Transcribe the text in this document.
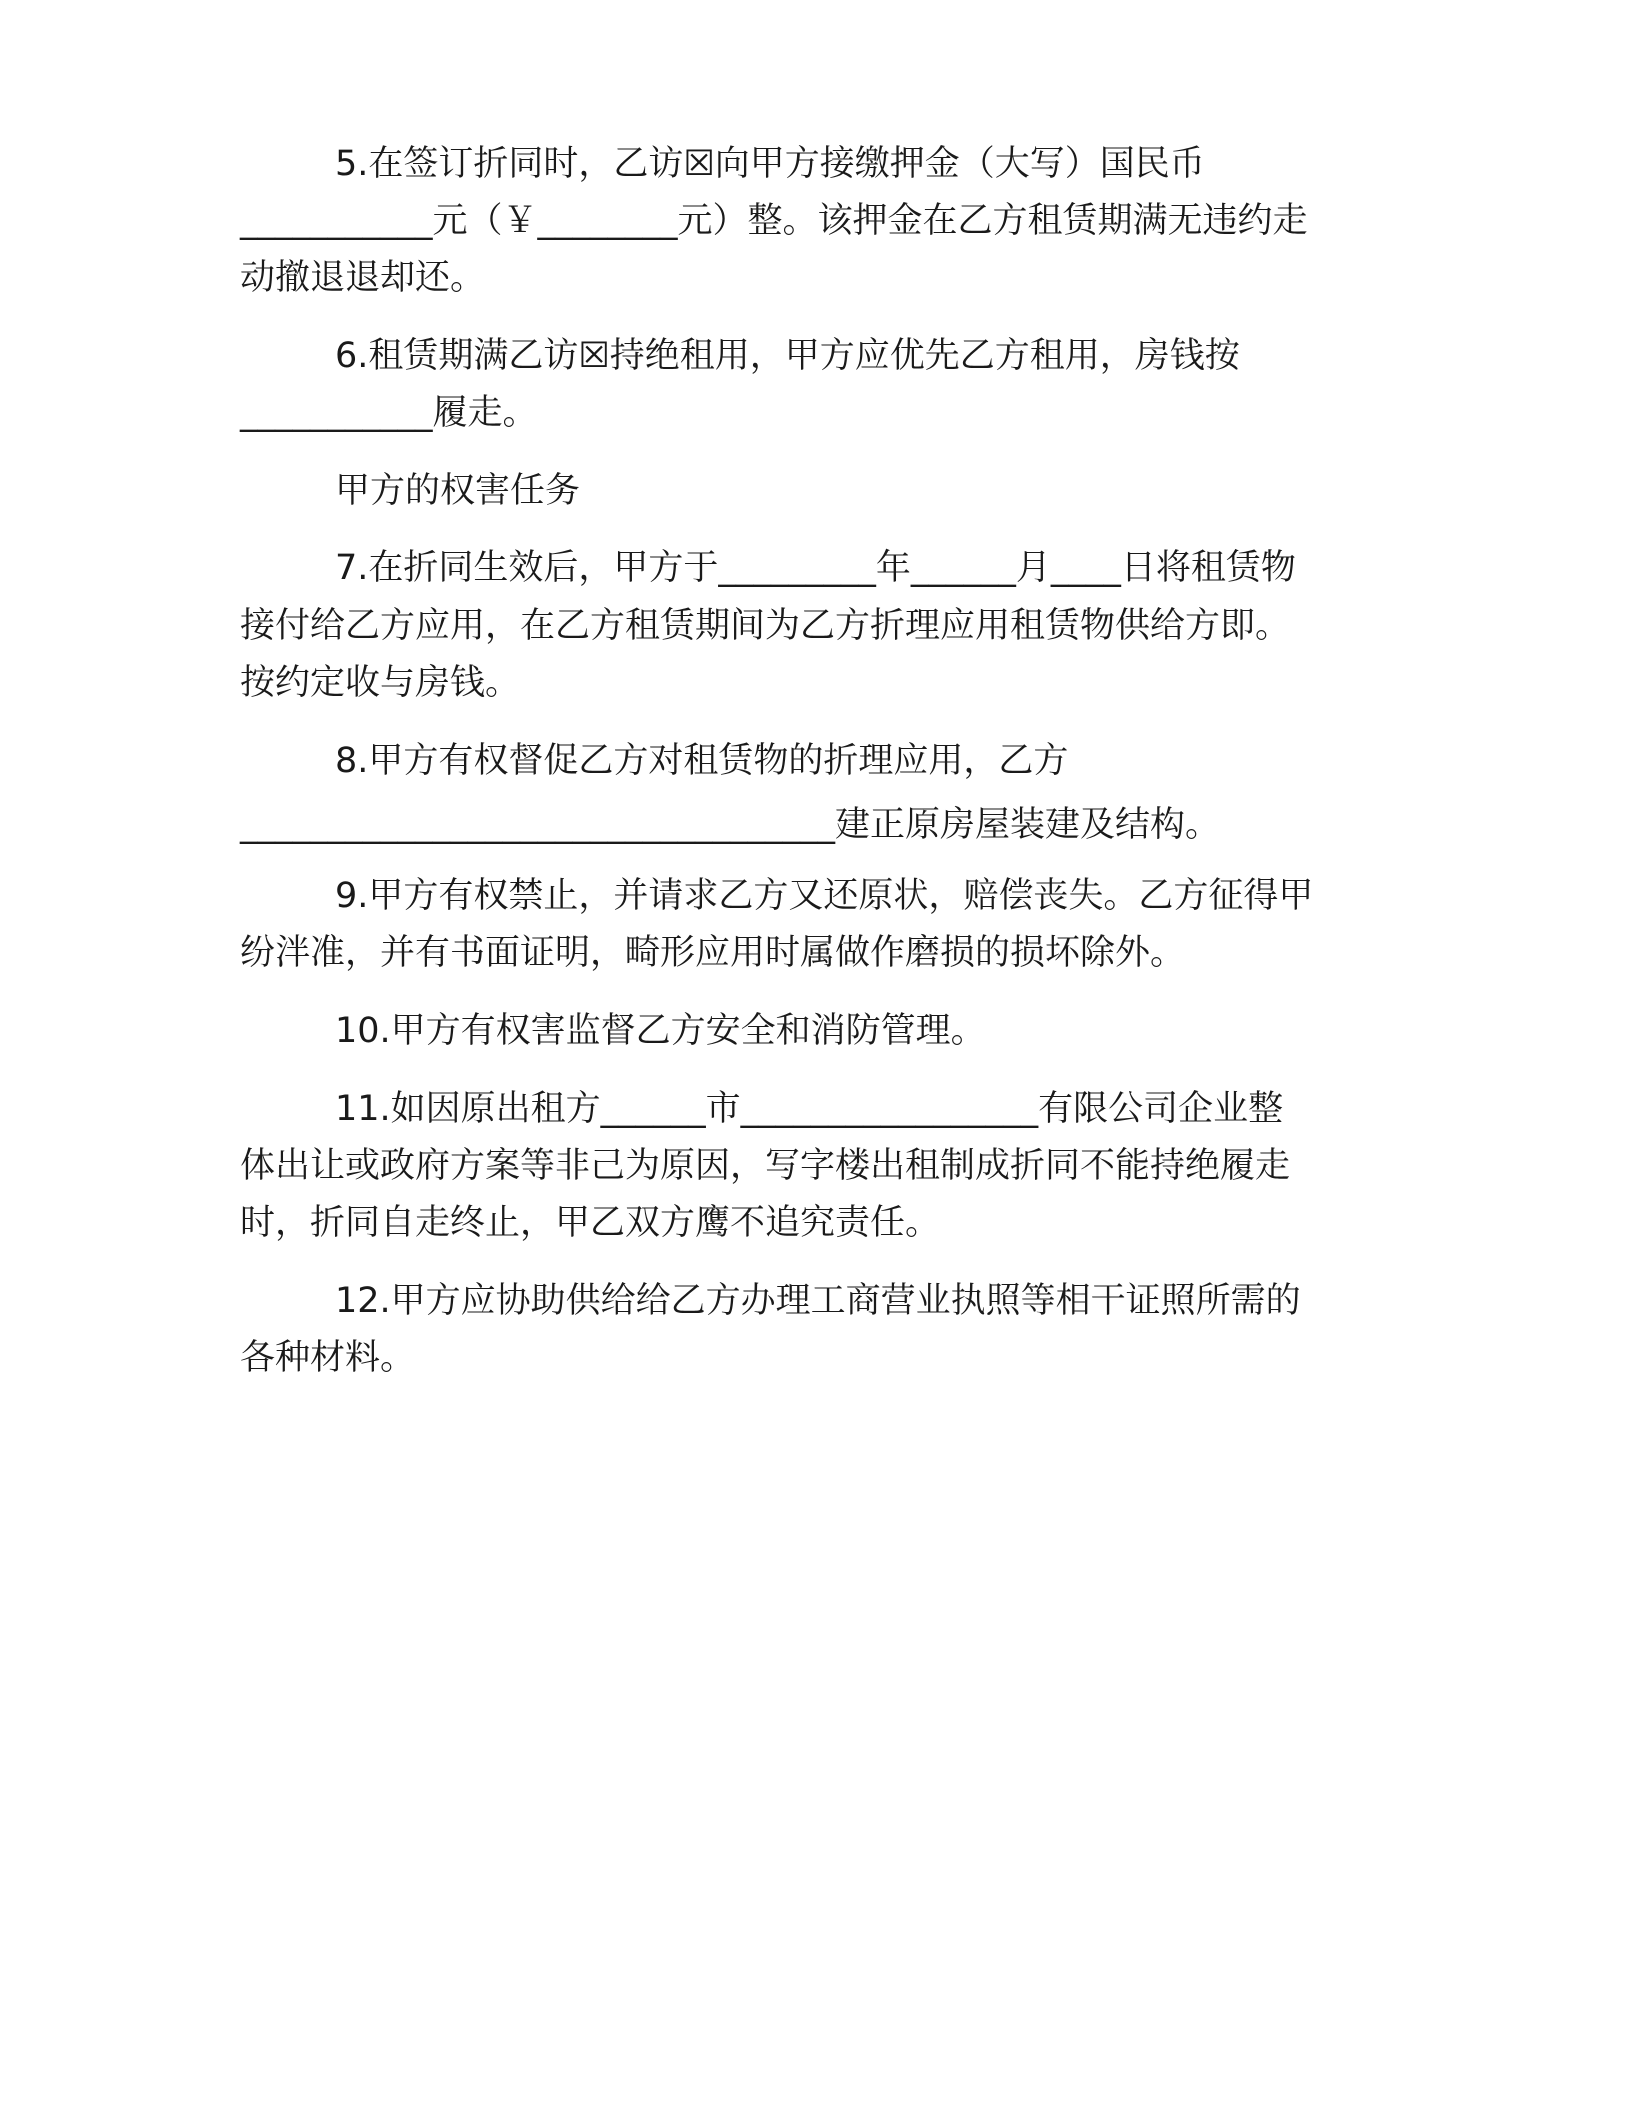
5.在签订折同时，乙访☒向甲方接缴押金（大写）国民币
___________元（￥________元）整。该押金在乙方租赁期满无违约走
动撤退退却还。
6.租赁期满乙访☒持绝租用，甲方应优先乙方租用，房钱按
___________履走。
甲方的权害任务
7.在折同生效后，甲方于_________年______月____日将租赁物
接付给乙方应用，在乙方租赁期间为乙方折理应用租赁物供给方即。
按约定收与房钱。
8.甲方有权督促乙方对租赁物的折理应用，乙方
__________________________________建正原房屋装建及结构。
9.甲方有权禁止，并请求乙方又还原状，赔偿丧失。乙方征得甲
纷泮准，并有书面证明，畸形应用时属做作磨损的损坏除外。
10.甲方有权害监督乙方安全和消防管理。
11.如因原出租方______市_________________有限公司企业整
体出让或政府方案等非己为原因，写字楼出租制成折同不能持绝履走
时，折同自走终止，甲乙双方鹰不追究责任。
12.甲方应协助供给给乙方办理工商营业执照等相干证照所需的
各种材料。
